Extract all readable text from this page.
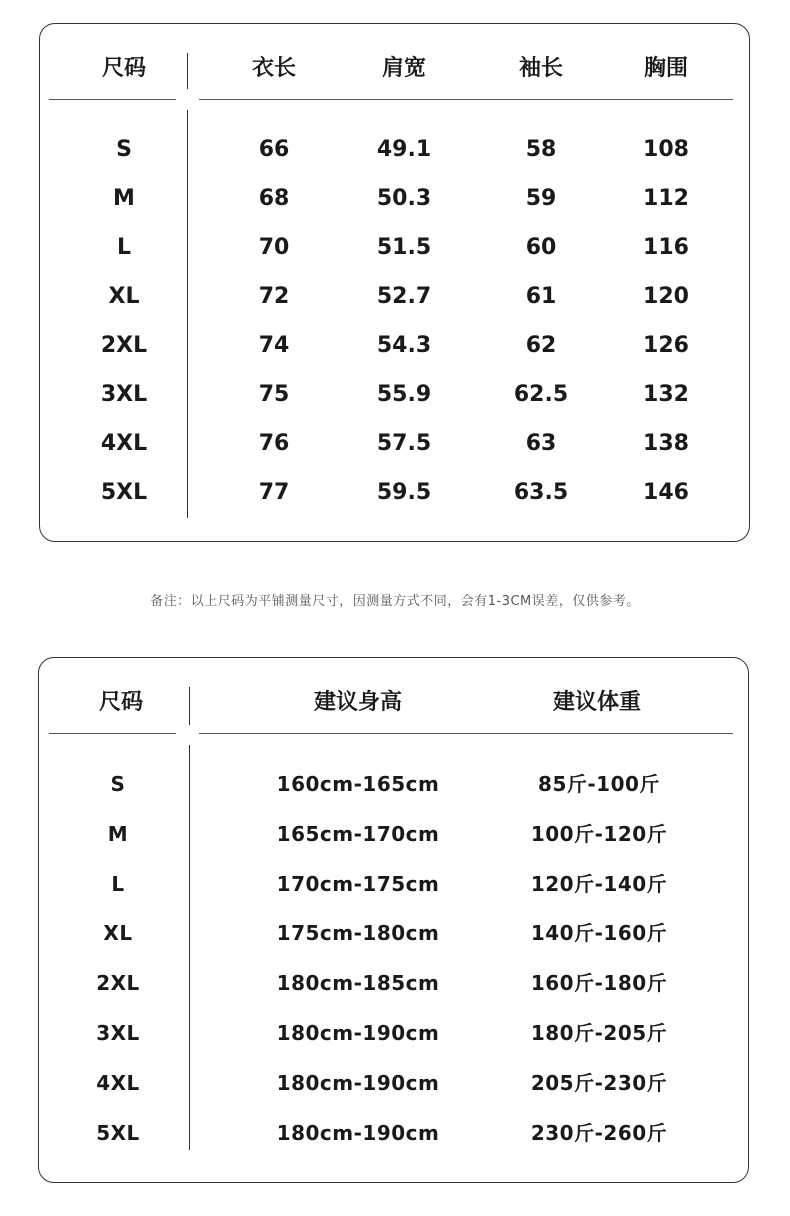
尺码	衣长	肩宽	袖长	胸围
S	66	49.1	58	108
M	68	50.3	59	112
L	70	51.5	60	116
XL	72	52.7	61	120
2XL	74	54.3	62	126
3XL	75	55.9	62.5	132
4XL	76	57.5	63	138
5XL	77	59.5	63.5	146
备注：以上尺码为平铺测量尺寸，因测量方式不同，会有1-3CM误差，仅供参考。
尺码	建议身高	建议体重
S	160cm-165cm	85斤-100斤
M	165cm-170cm	100斤-120斤
L	170cm-175cm	120斤-140斤
XL	175cm-180cm	140斤-160斤
2XL	180cm-185cm	160斤-180斤
3XL	180cm-190cm	180斤-205斤
4XL	180cm-190cm	205斤-230斤
5XL	180cm-190cm	230斤-260斤
